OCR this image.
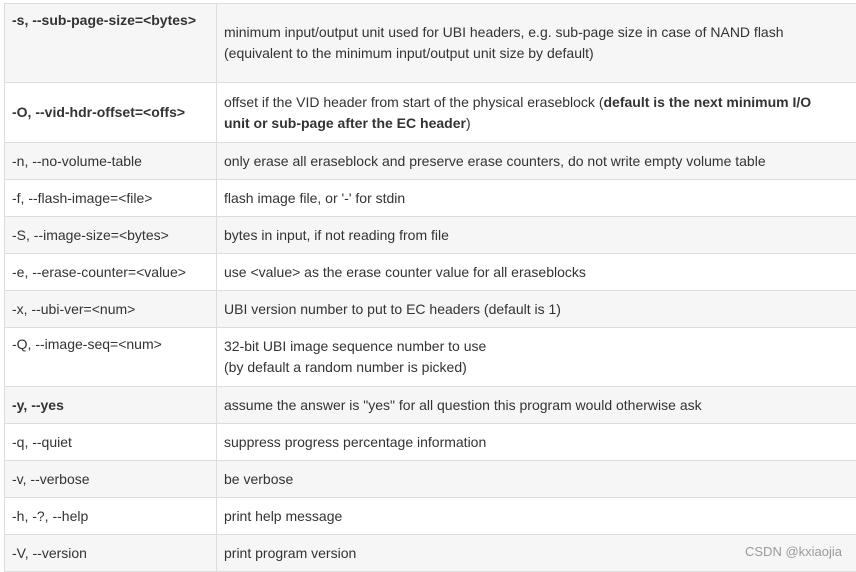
-s, --sub-page-size=<bytes>	minimum input/output unit used for UBI headers, e.g. sub-page size in case of NAND flash
(equivalent to the minimum input/output unit size by default)

-O, --vid-hdr-offset=<offs>	offset if the VID header from start of the physical eraseblock (default is the next minimum I/O
unit or sub-page after the EC header)

-n, --no-volume-table	only erase all eraseblock and preserve erase counters, do not write empty volume table
-f, --flash-image=<file>	flash image file, or '-' for stdin
-S, --image-size=<bytes>	bytes in input, if not reading from file
-e, --erase-counter=<value>	use <value> as the erase counter value for all eraseblocks
-x, --ubi-ver=<num>	UBI version number to put to EC headers (default is 1)
-Q, --image-seq=<num>	32-bit UBI image sequence number to use
(by default a random number is picked)

-y, --yes	assume the answer is "yes" for all question this program would otherwise ask
-q, --quiet	suppress progress percentage information
-v, --verbose	be verbose
-h, -?, --help	print help message
-V, --version	print program version	CSDN @kxiaojia
